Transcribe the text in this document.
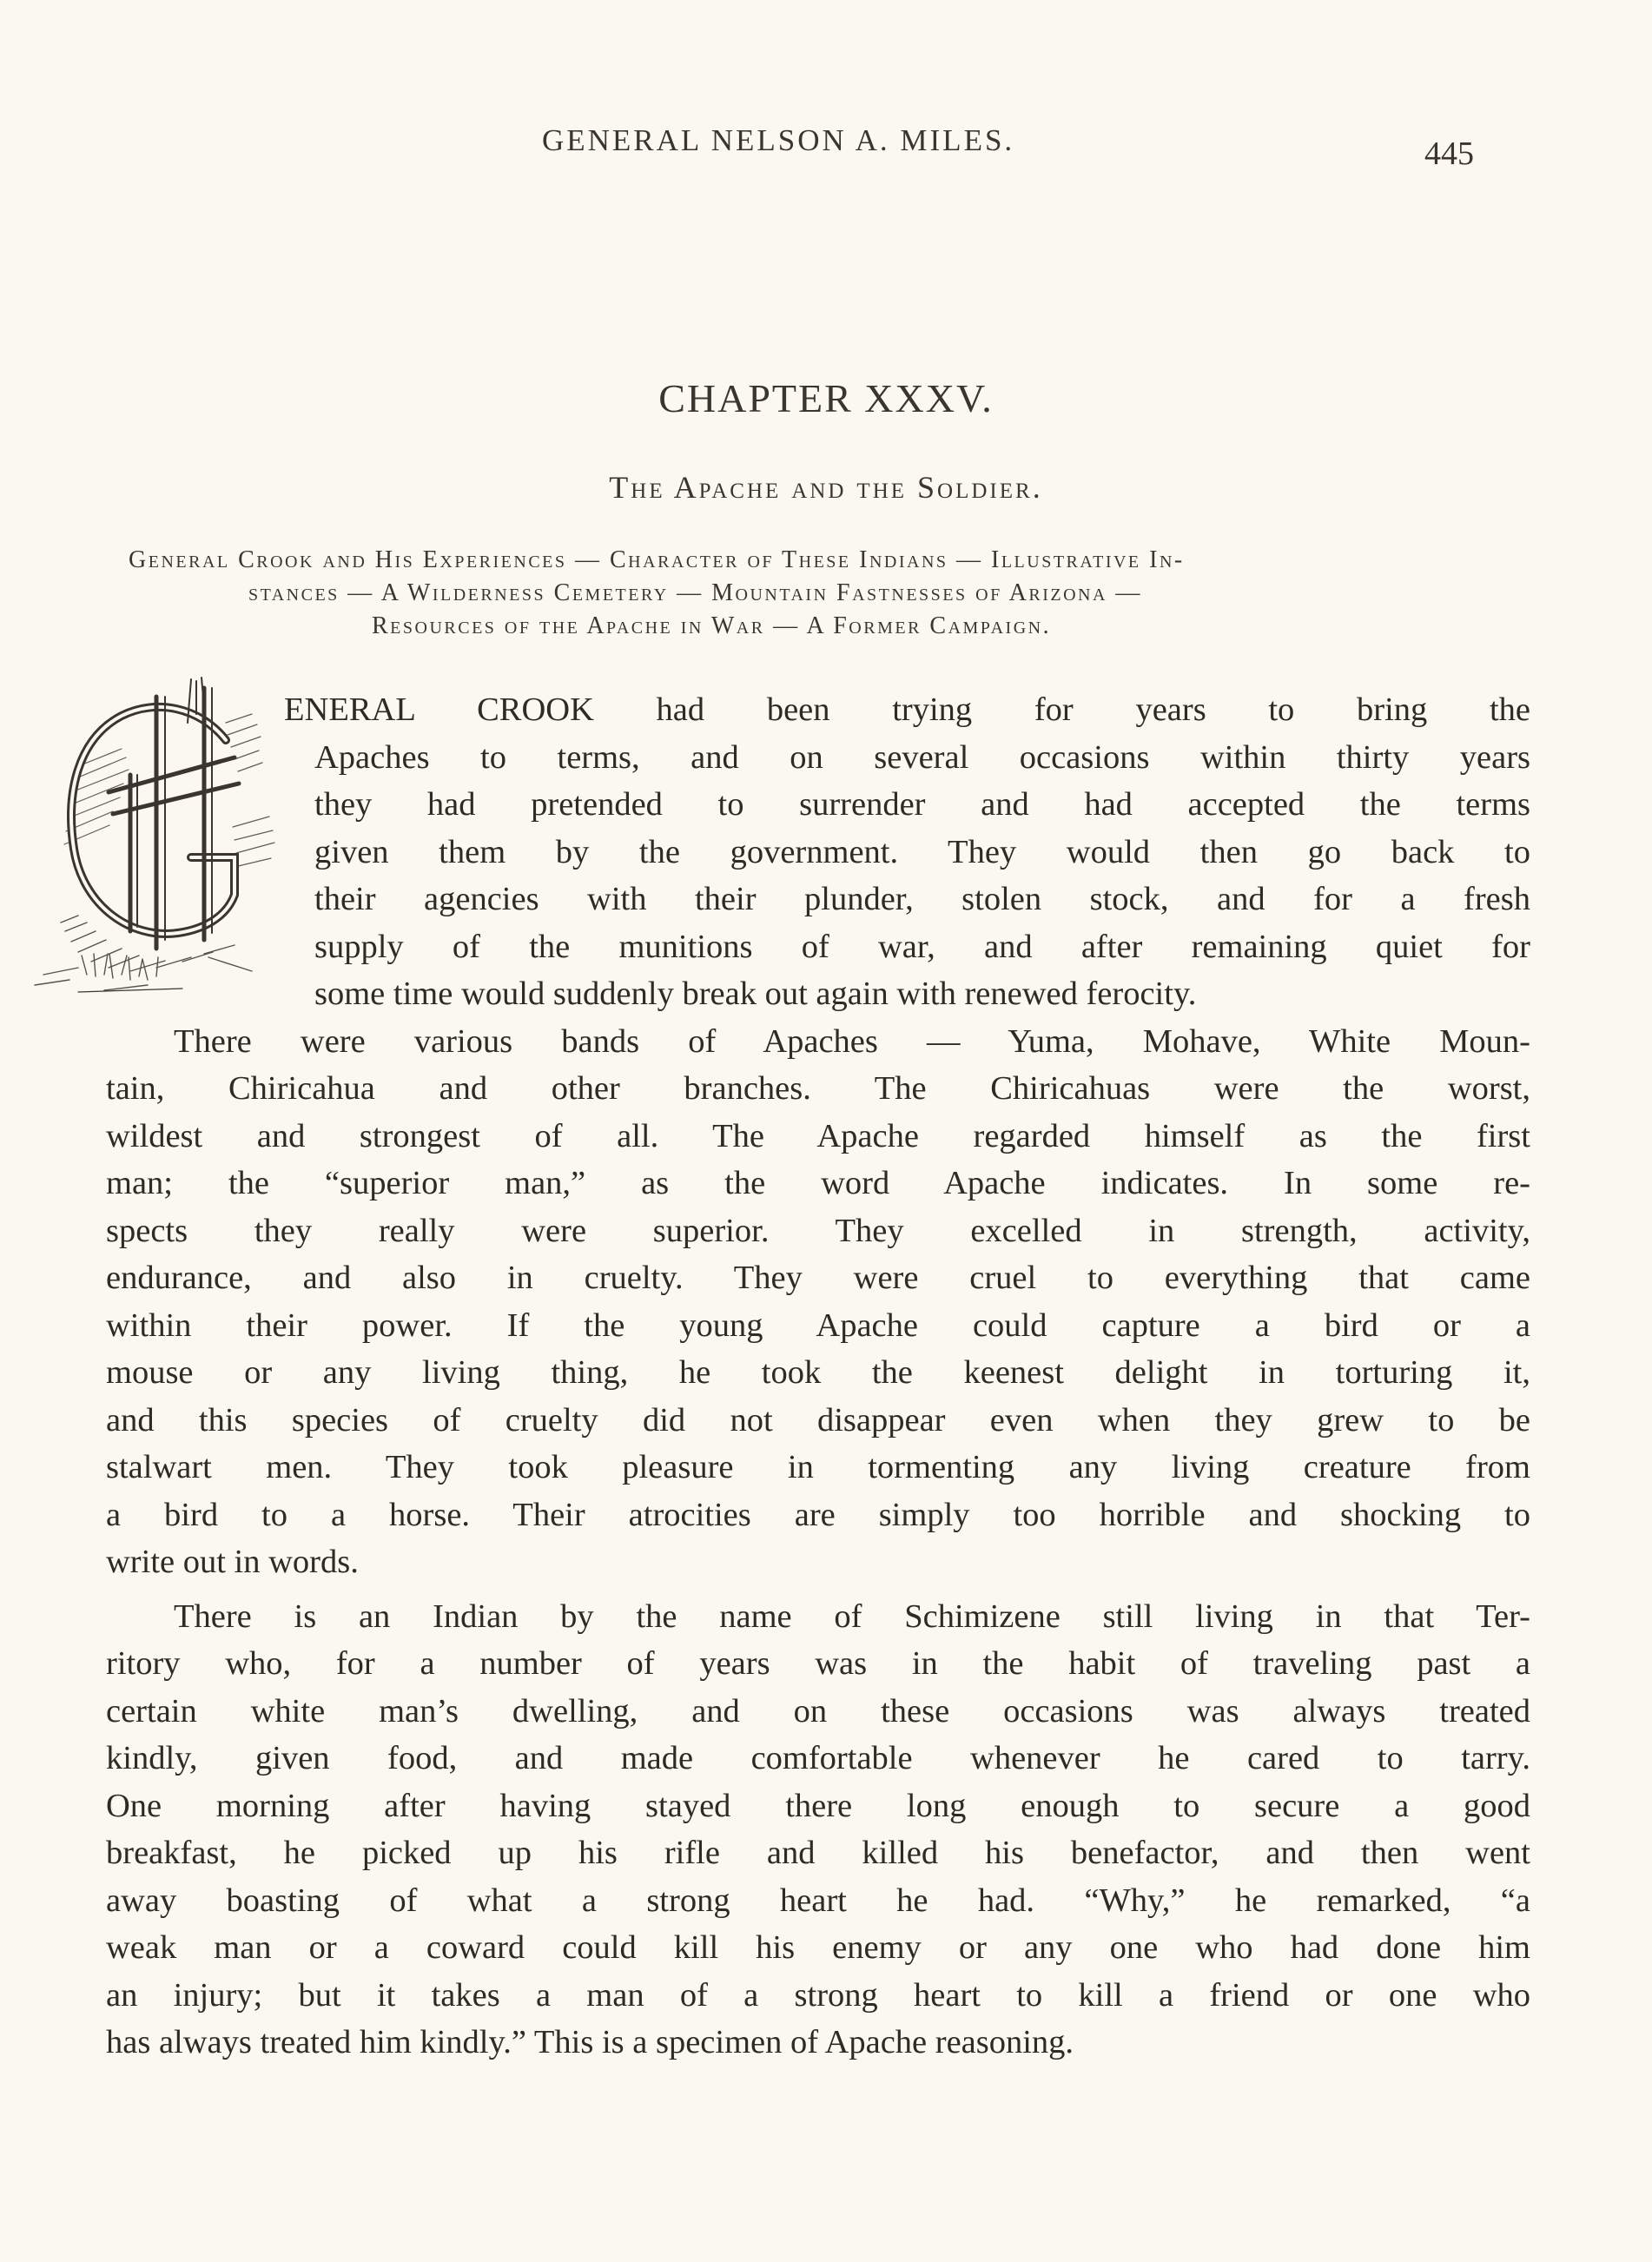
GENERAL NELSON A. MILES.	445
CHAPTER XXXV.
The Apache and the Soldier.
General Crook and His Experiences — Character of These Indians — Illustrative In-
stances — A Wilderness Cemetery — Mountain Fastnesses of Arizona —
Resources of the Apache in War — A Former Campaign.
ENERAL CROOK had been trying for years to bring the
Apaches to terms, and on several occasions within thirty years
they had pretended to surrender and had accepted the terms
given them by the government. They would then go back to
their agencies with their plunder, stolen stock, and for a fresh
supply of the munitions of war, and after remaining quiet for
some time would suddenly break out again with renewed ferocity.
There were various bands of Apaches — Yuma, Mohave, White Moun-
tain, Chiricahua and other branches. The Chiricahuas were the worst,
wildest and strongest of all. The Apache regarded himself as the first
man; the “superior man,” as the word Apache indicates. In some re-
spects they really were superior. They excelled in strength, activity,
endurance, and also in cruelty. They were cruel to everything that came
within their power. If the young Apache could capture a bird or a
mouse or any living thing, he took the keenest delight in torturing it,
and this species of cruelty did not disappear even when they grew to be
stalwart men. They took pleasure in tormenting any living creature from
a bird to a horse. Their atrocities are simply too horrible and shocking to
write out in words.
There is an Indian by the name of Schimizene still living in that Ter-
ritory who, for a number of years was in the habit of traveling past a
certain white man’s dwelling, and on these occasions was always treated
kindly, given food, and made comfortable whenever he cared to tarry.
One morning after having stayed there long enough to secure a good
breakfast, he picked up his rifle and killed his benefactor, and then went
away boasting of what a strong heart he had. “Why,” he remarked, “a
weak man or a coward could kill his enemy or any one who had done him
an injury; but it takes a man of a strong heart to kill a friend or one who
has always treated him kindly.” This is a specimen of Apache reasoning.
